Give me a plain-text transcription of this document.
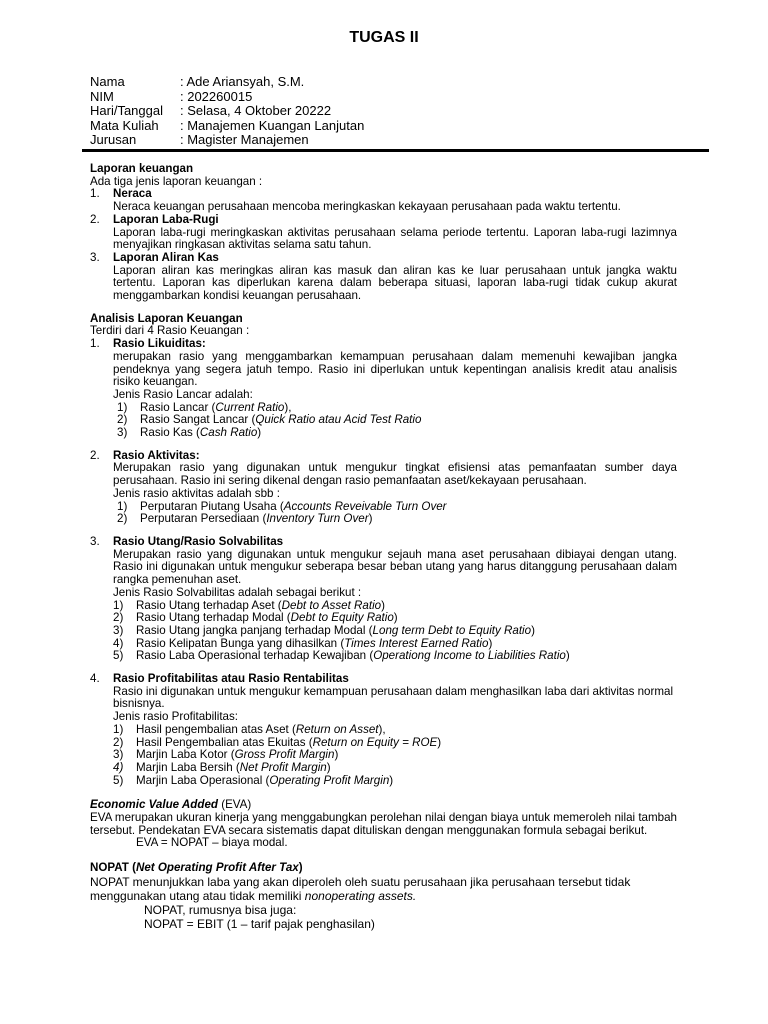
TUGAS II
Nama	: Ade Ariansyah, S.M.
NIM	: 202260015
Hari/Tanggal	: Selasa, 4 Oktober 20222
Mata Kuliah	: Manajemen Kuangan Lanjutan
Jurusan	: Magister Manajemen
Laporan keuangan
Ada tiga jenis laporan keuangan :
1.	Neraca
Neraca keuangan perusahaan mencoba meringkaskan kekayaan perusahaan pada waktu tertentu.
2.	Laporan Laba-Rugi
Laporan laba-rugi meringkaskan aktivitas perusahaan selama periode tertentu. Laporan laba-rugi lazimnya menyajikan ringkasan aktivitas selama satu tahun.
3.	Laporan Aliran Kas
Laporan aliran kas meringkas aliran kas masuk dan aliran kas ke luar perusahaan untuk jangka waktu tertentu. Laporan kas diperlukan karena dalam beberapa situasi, laporan laba-rugi tidak cukup akurat menggambarkan kondisi keuangan perusahaan.
Analisis Laporan Keuangan
Terdiri dari 4 Rasio Keuangan :
1.	Rasio Likuiditas:
merupakan rasio yang menggambarkan kemampuan perusahaan dalam memenuhi kewajiban jangka pendeknya yang segera jatuh tempo. Rasio ini diperlukan untuk kepentingan analisis kredit atau analisis risiko keuangan.
Jenis Rasio Lancar adalah:
1)	Rasio Lancar (Current Ratio),
2)	Rasio Sangat Lancar (Quick Ratio atau Acid Test Ratio
3)	Rasio Kas (Cash Ratio)
2.	Rasio Aktivitas:
Merupakan rasio yang digunakan untuk mengukur tingkat efisiensi atas pemanfaatan sumber daya perusahaan. Rasio ini sering dikenal dengan rasio pemanfaatan aset/kekayaan perusahaan.
Jenis rasio aktivitas adalah sbb :
1)	Perputaran Piutang Usaha (Accounts Reveivable Turn Over
2)	Perputaran Persediaan (Inventory Turn Over)
3.	Rasio Utang/Rasio Solvabilitas
Merupakan rasio yang digunakan untuk mengukur sejauh mana aset perusahaan dibiayai dengan utang. Rasio ini digunakan untuk mengukur seberapa besar beban utang yang harus ditanggung perusahaan dalam rangka pemenuhan aset.
Jenis Rasio Solvabilitas adalah sebagai berikut :
1)	Rasio Utang terhadap Aset (Debt to Asset Ratio)
2)	Rasio Utang terhadap Modal (Debt to Equity Ratio)
3)	Rasio Utang jangka panjang terhadap Modal (Long term Debt to Equity Ratio)
4)	Rasio Kelipatan Bunga yang dihasilkan (Times Interest Earned Ratio)
5)	Rasio Laba Operasional terhadap Kewajiban (Operationg Income to Liabilities Ratio)
4.	Rasio Profitabilitas atau Rasio Rentabilitas
Rasio ini digunakan untuk mengukur kemampuan perusahaan dalam menghasilkan laba dari aktivitas normal bisnisnya.
Jenis rasio Profitabilitas:
1)	Hasil pengembalian atas Aset (Return on Asset),
2)	Hasil Pengembalian atas Ekuitas (Return on Equity = ROE)
3)	Marjin Laba Kotor (Gross Profit Margin)
4)	Marjin Laba Bersih (Net Profit Margin)
5)	Marjin Laba Operasional (Operating Profit Margin)
Economic Value Added (EVA)
EVA merupakan ukuran kinerja yang menggabungkan perolehan nilai dengan biaya untuk memeroleh nilai tambah tersebut. Pendekatan EVA secara sistematis dapat dituliskan dengan menggunakan formula sebagai berikut.
EVA = NOPAT – biaya modal.
NOPAT (Net Operating Profit After Tax)
NOPAT menunjukkan laba yang akan diperoleh oleh suatu perusahaan jika perusahaan tersebut tidak menggunakan utang atau tidak memiliki nonoperating assets.
NOPAT, rumusnya bisa juga:
NOPAT = EBIT (1 – tarif pajak penghasilan)
